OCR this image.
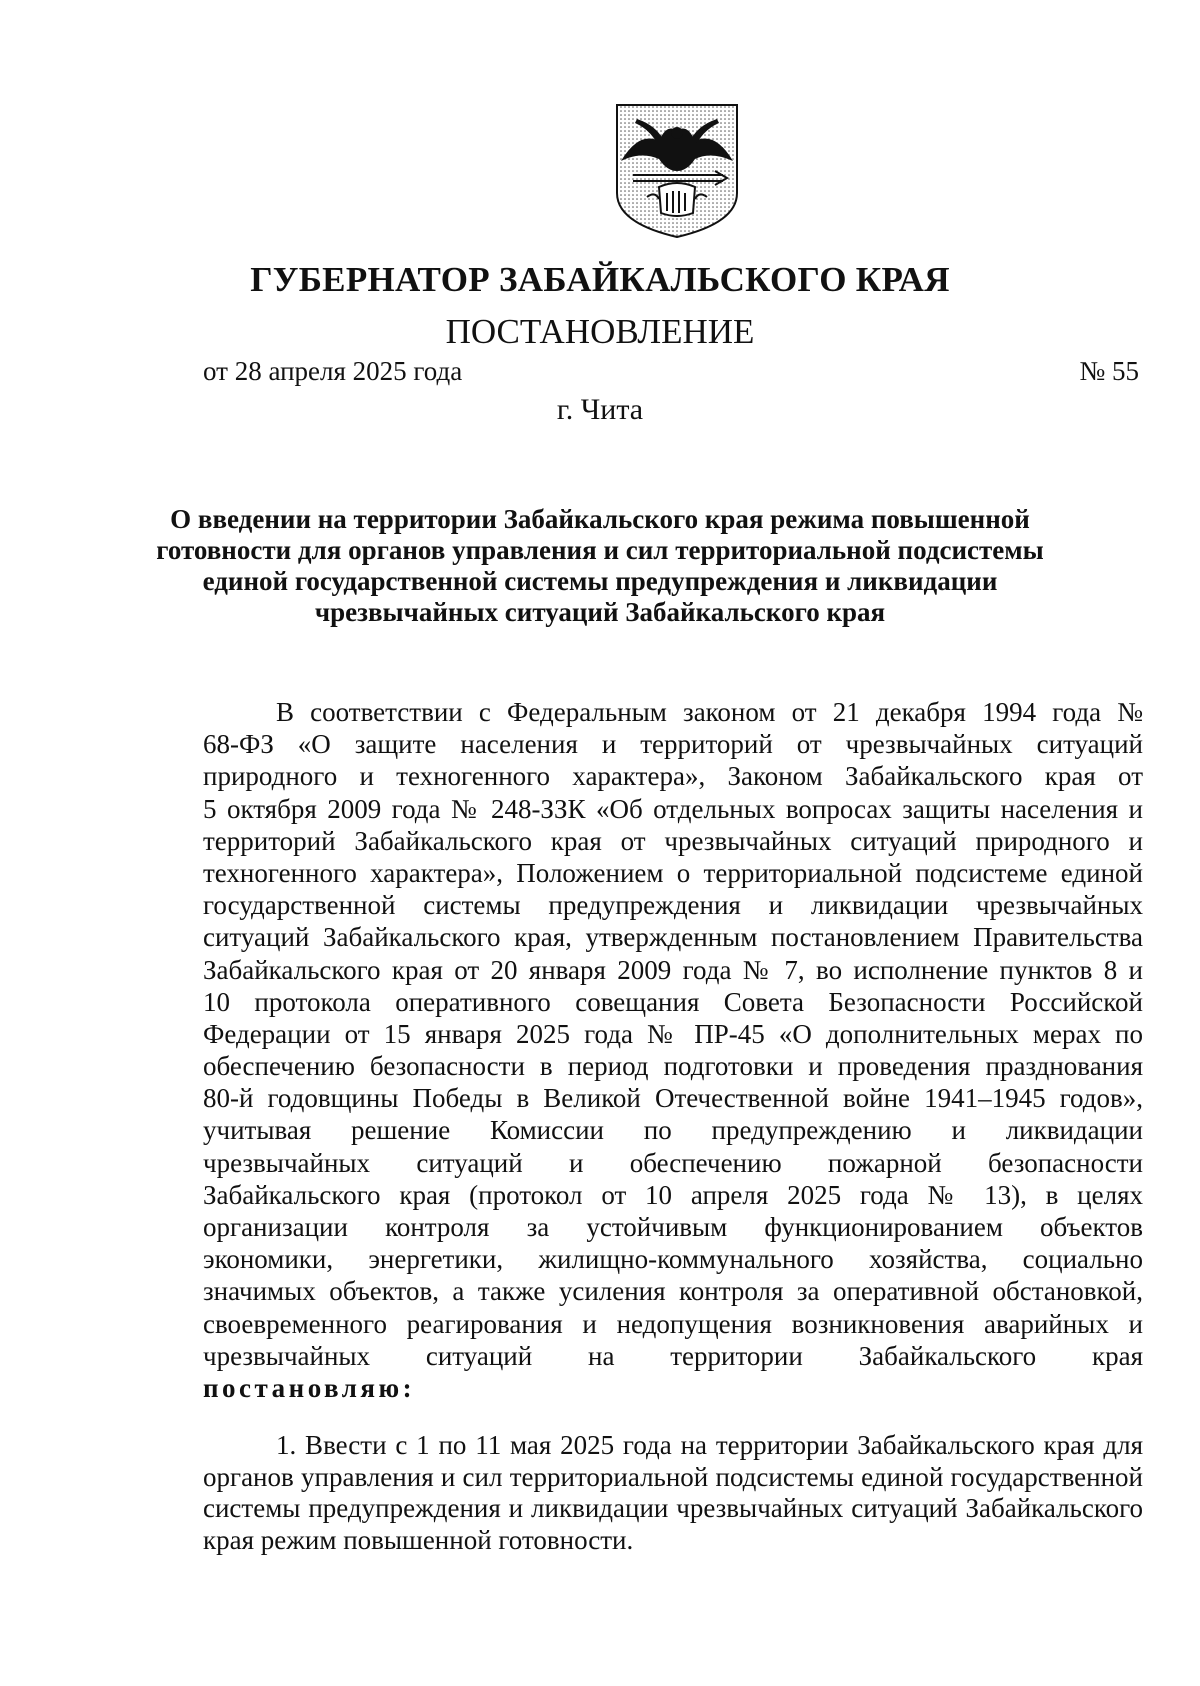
ГУБЕРНАТОР ЗАБАЙКАЛЬСКОГО КРАЯ
ПОСТАНОВЛЕНИЕ
от 28 апреля 2025 года	№ 55
г. Чита
О введении на территории Забайкальского края режима повышенной
готовности для органов управления и сил территориальной подсистемы
единой государственной системы предупреждения и ликвидации
чрезвычайных ситуаций Забайкальского края
В соответствии с Федеральным законом от 21 декабря 1994 года №
68-ФЗ «О защите населения и территорий от чрезвычайных ситуаций
природного и техногенного характера», Законом Забайкальского края от
5 октября 2009 года № 248-ЗЗК «Об отдельных вопросах защиты населения и
территорий Забайкальского края от чрезвычайных ситуаций природного и
техногенного характера», Положением о территориальной подсистеме единой
государственной системы предупреждения и ликвидации чрезвычайных
ситуаций Забайкальского края, утвержденным постановлением Правительства
Забайкальского края от 20 января 2009 года № 7, во исполнение пунктов 8 и
10 протокола оперативного совещания Совета Безопасности Российской
Федерации от 15 января 2025 года № ПР-45 «О дополнительных мерах по
обеспечению безопасности в период подготовки и проведения празднования
80-й годовщины Победы в Великой Отечественной войне 1941–1945 годов»,
учитывая решение Комиссии по предупреждению и ликвидации
чрезвычайных ситуаций и обеспечению пожарной безопасности
Забайкальского края (протокол от 10 апреля 2025 года № 13), в целях
организации контроля за устойчивым функционированием объектов
экономики, энергетики, жилищно-коммунального хозяйства, социально
значимых объектов, а также усиления контроля за оперативной обстановкой,
своевременного реагирования и недопущения возникновения аварийных и
чрезвычайных ситуаций на территории Забайкальского края
постановляю:
1. Ввести с 1 по 11 мая 2025 года на территории Забайкальского края для
органов управления и сил территориальной подсистемы единой государственной
системы предупреждения и ликвидации чрезвычайных ситуаций Забайкальского
края режим повышенной готовности.
